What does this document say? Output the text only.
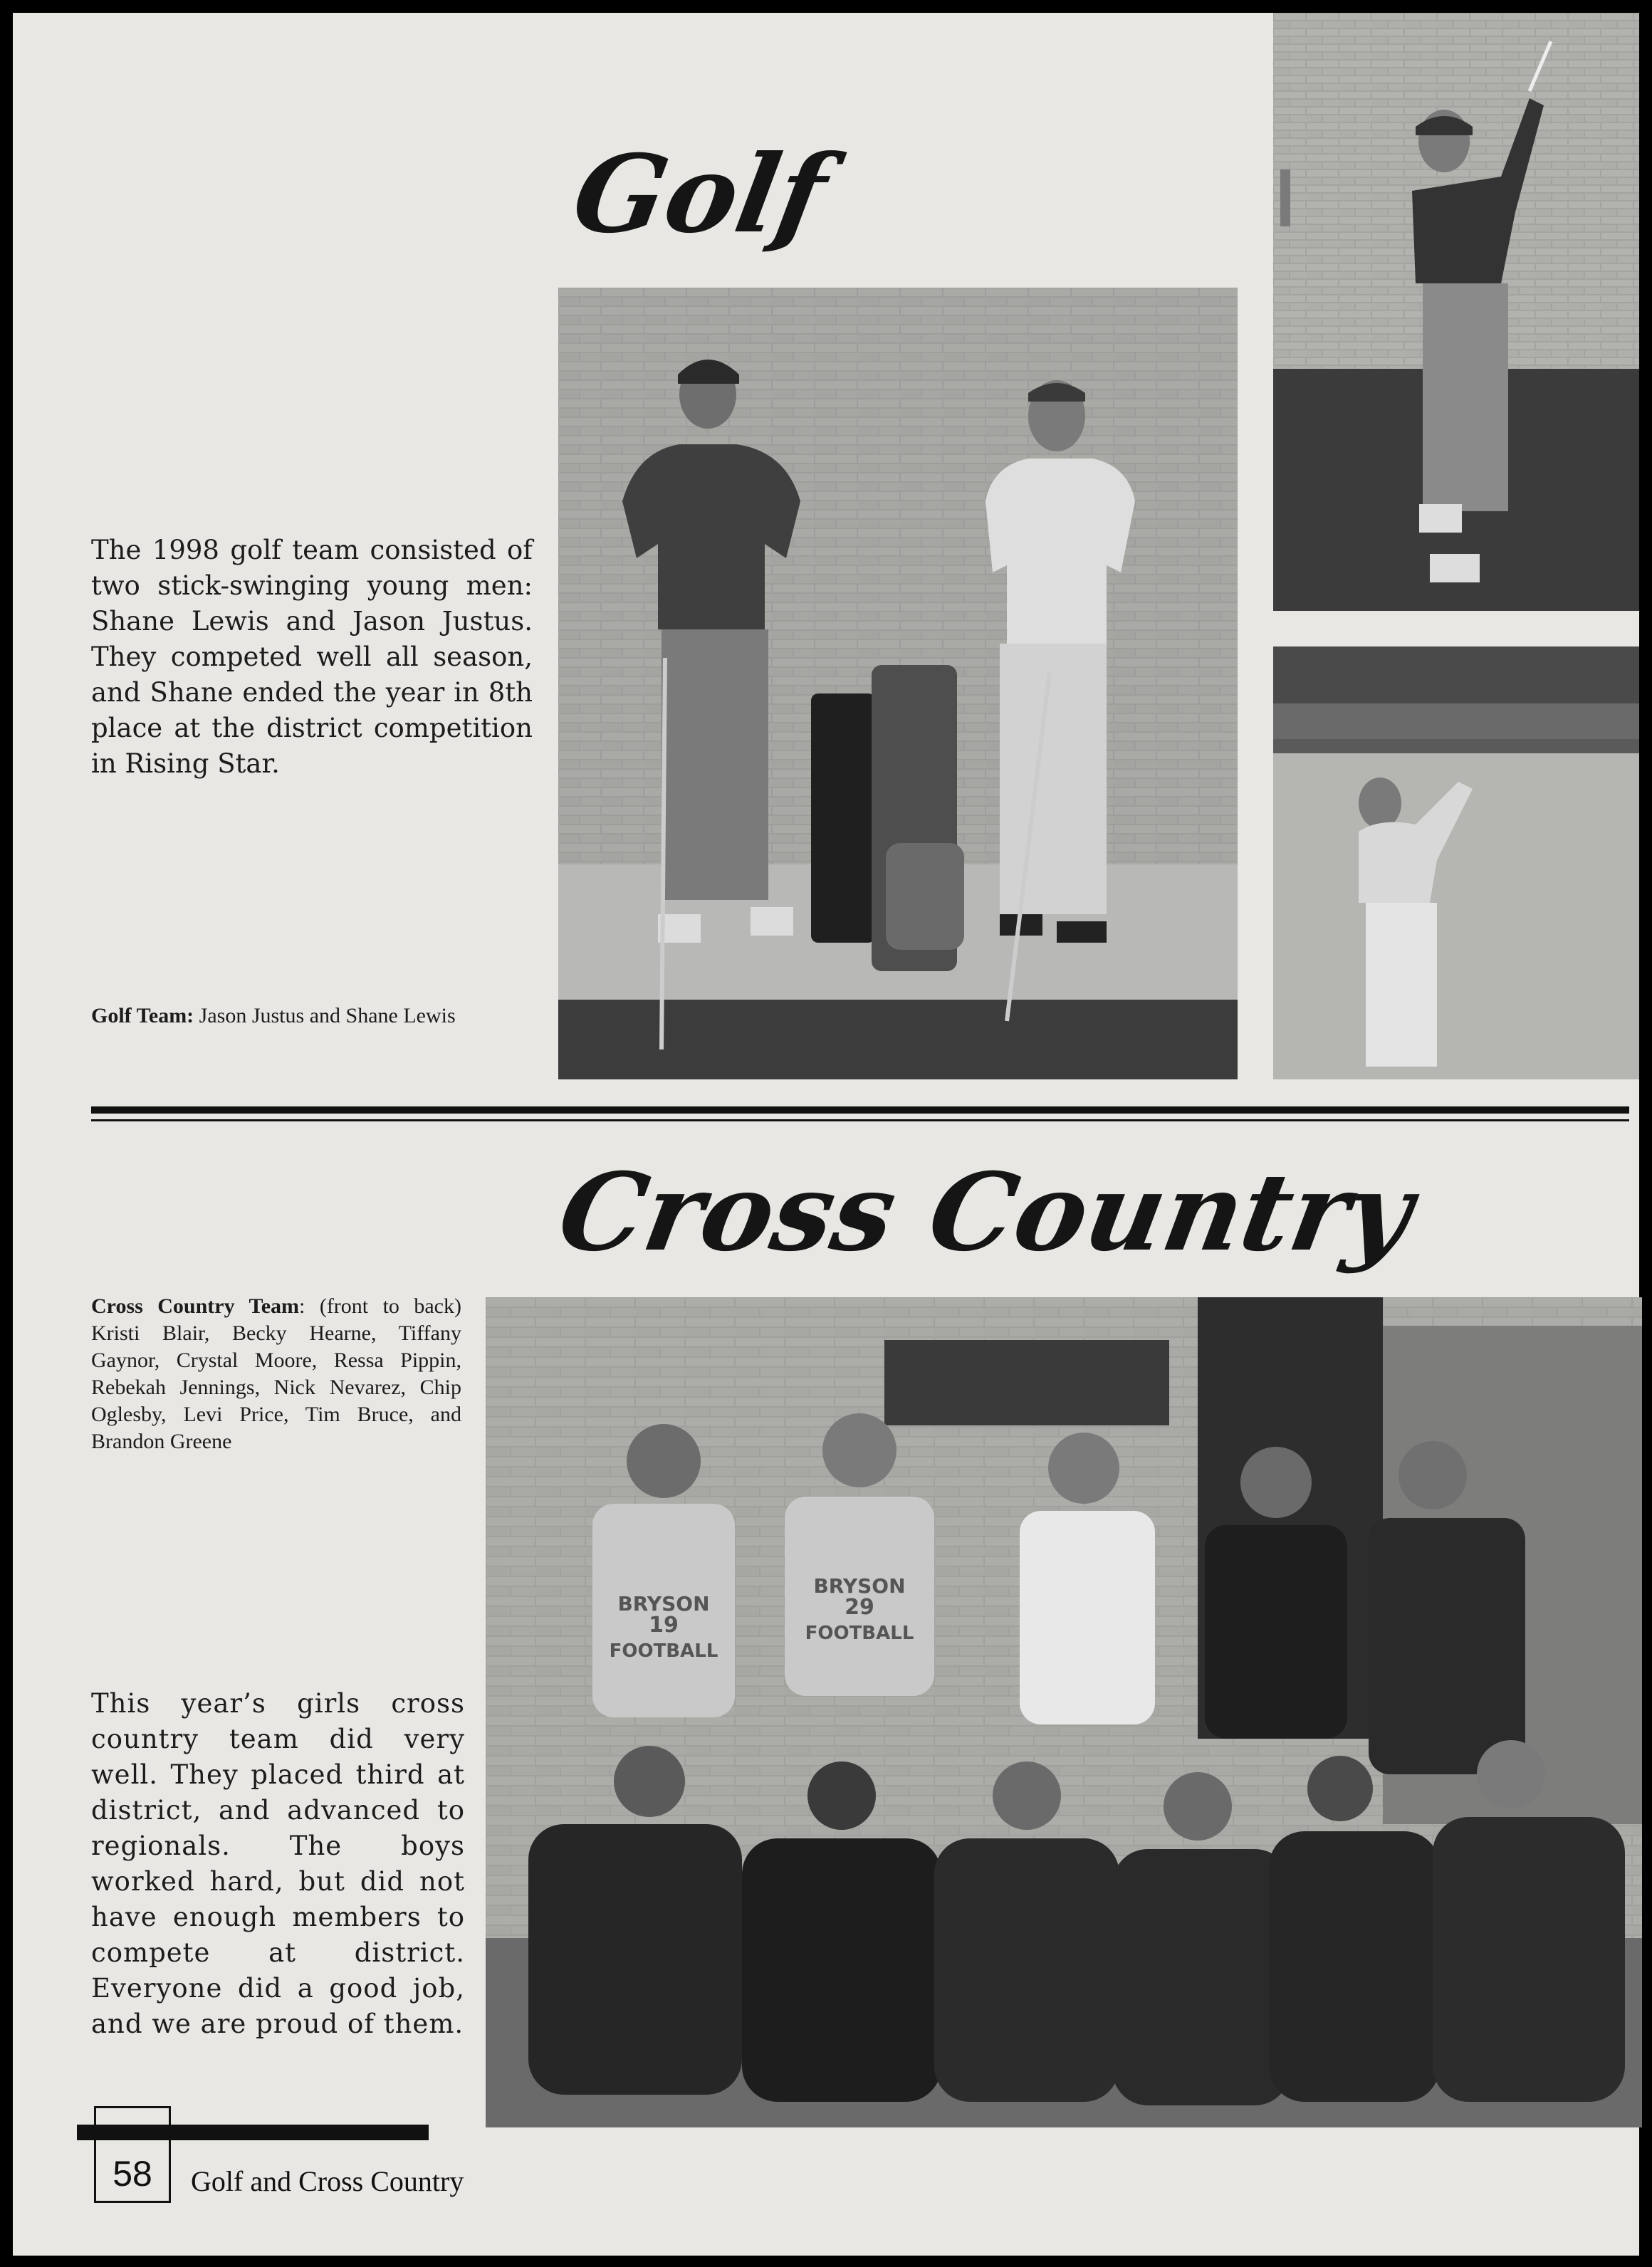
Golf
The 1998 golf team consisted of two stick-swinging young men: Shane Lewis and Jason Justus. They competed well all season, and Shane ended the year in 8th place at the district competition in Rising Star.
Golf Team: Jason Justus and Shane Lewis
Cross Country
Cross Country Team: (front to back) Kristi Blair, Becky Hearne, Tiffany Gaynor, Crystal Moore, Ressa Pippin, Rebekah Jennings, Nick Nevarez, Chip Oglesby, Levi Price, Tim Bruce, and Brandon Greene
This year’s girls cross country team did very well. They placed third at district, and advanced to regionals. The boys worked hard, but did not have enough members to compete at district. Everyone did a good job, and we are proud of them.
BRYSON
19
FOOTBALL
BRYSON
29
FOOTBALL
58	Golf and Cross Country
